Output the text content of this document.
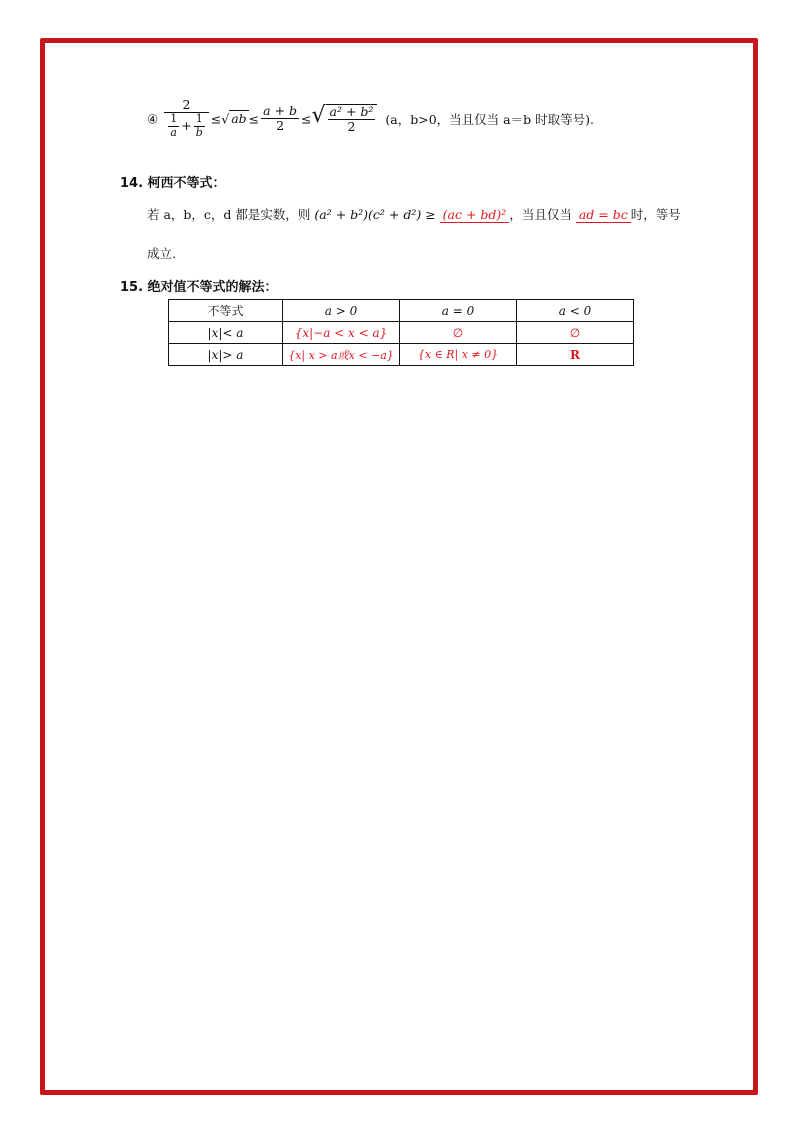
④ $\frac{2}{\frac{1}{a} + \frac{1}{b}}$ ≤√ ab ≤ $\frac{a + b}{2}$ ≤√ $\frac{\text{a² + b²}}{2} (a$，b>0，当且仅当 a＝b 时取等号).
14. 柯西不等式：
若 a，b，c，d 都是实数，则 (a² + b²)(c² + d²) ≥ (ac + bd)² ，当且仅当 ad = bc 时，等号
成立.
15. 绝对值不等式的解法：
不等式	a > 0	a = 0	a < 0
|x|< a	{x|−a < x < a}	∅	∅
|x|> a	{x| x > a或x < −a}	{x ∈ R| x ≠ 0}	R
